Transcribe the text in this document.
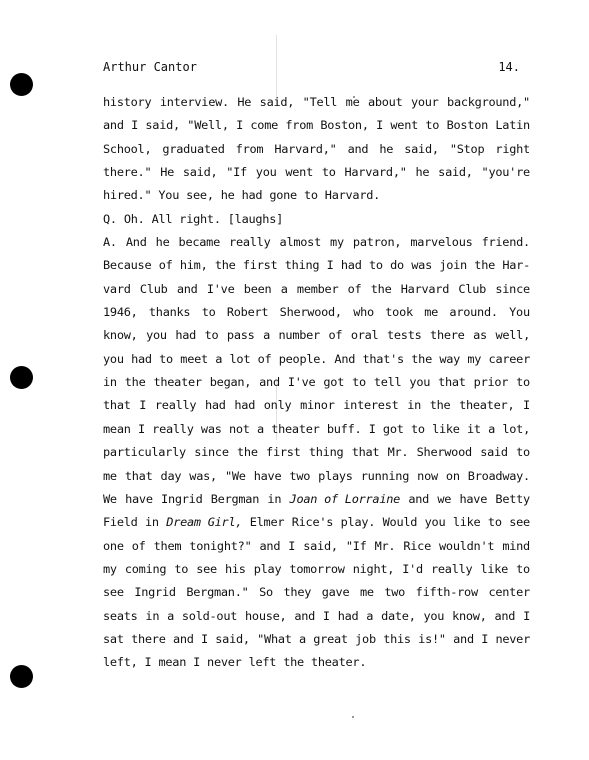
Arthur Cantor	14.
history interview. He said, "Tell me about your background,"
and I said, "Well, I come from Boston, I went to Boston Latin
School, graduated from Harvard," and he said, "Stop right
there." He said, "If you went to Harvard," he said, "you're
hired." You see, he had gone to Harvard.
Q. Oh. All right. [laughs]
A. And he became really almost my patron, marvelous friend.
Because of him, the first thing I had to do was join the Har-
vard Club and I've been a member of the Harvard Club since
1946, thanks to Robert Sherwood, who took me around. You
know, you had to pass a number of oral tests there as well,
you had to meet a lot of people. And that's the way my career
in the theater began, and I've got to tell you that prior to
that I really had had only minor interest in the theater, I
mean I really was not a theater buff. I got to like it a lot,
particularly since the first thing that Mr. Sherwood said to
me that day was, "We have two plays running now on Broadway.
We have Ingrid Bergman in Joan of Lorraine and we have Betty
Field in Dream Girl, Elmer Rice's play. Would you like to see
one of them tonight?" and I said, "If Mr. Rice wouldn't mind
my coming to see his play tomorrow night, I'd really like to
see Ingrid Bergman." So they gave me two fifth-row center
seats in a sold-out house, and I had a date, you know, and I
sat there and I said, "What a great job this is!" and I never
left, I mean I never left the theater.
